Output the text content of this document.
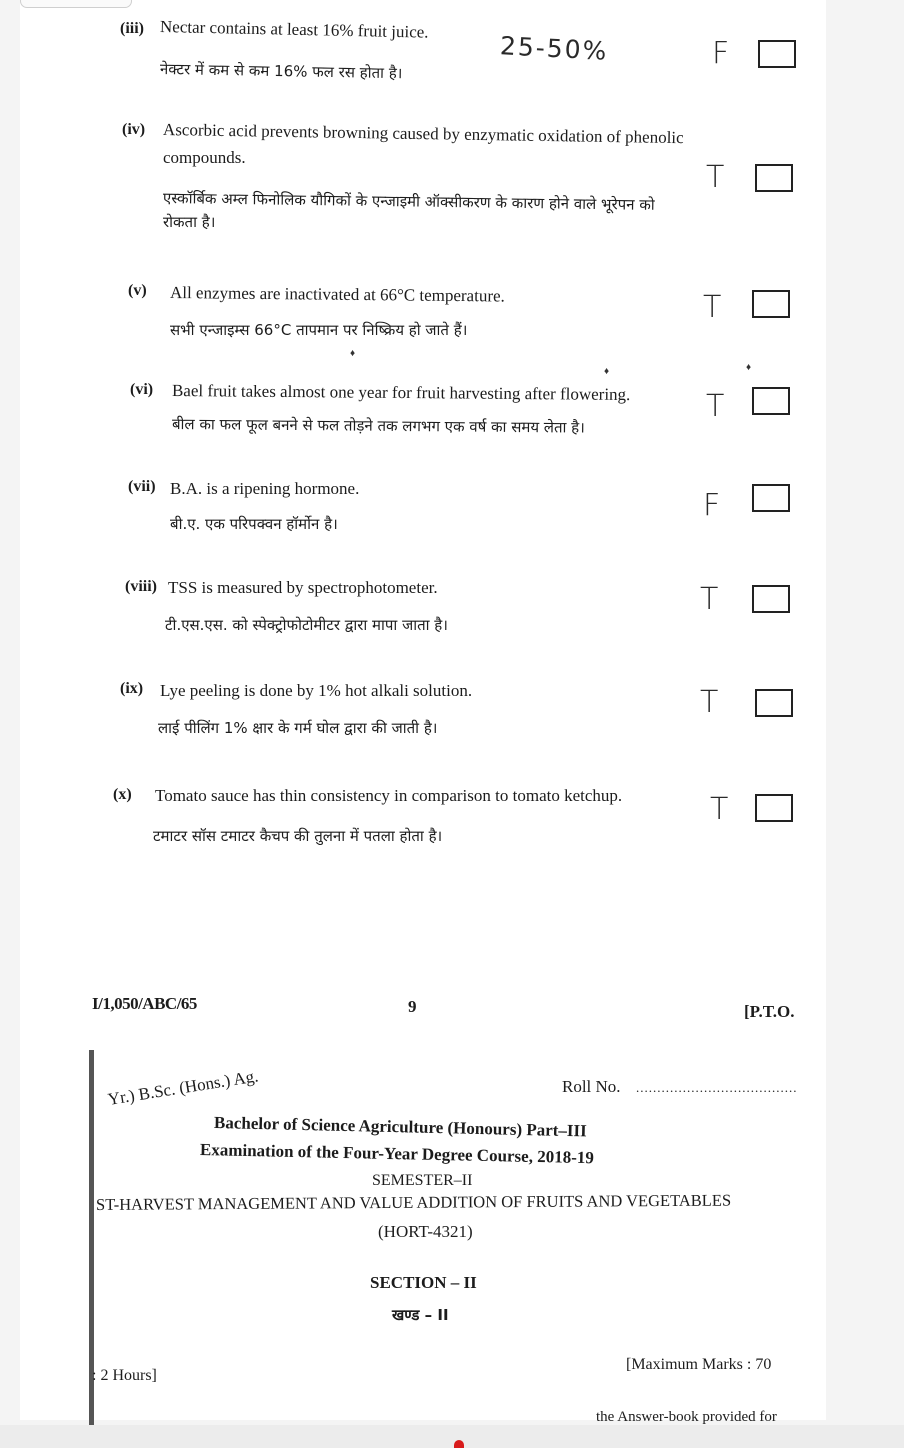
(iii) Nectar contains at least 16% fruit juice.
नेक्टर में कम से कम 16% फल रस होता है।
25-50%	F
(iv) Ascorbic acid prevents browning caused by enzymatic oxidation of phenolic
compounds.
एस्कॉर्बिक अम्ल फिनोलिक यौगिकों के एन्जाइमी ऑक्सीकरण के कारण होने वाले भूरेपन को
रोकता है।
T
(v) All enzymes are inactivated at 66°C temperature.
सभी एन्जाइम्स 66°C तापमान पर निष्क्रिय हो जाते हैं।
T
♦
(vi) Bael fruit takes almost one year for fruit harvesting after flowering.
बील का फल फूल बनने से फल तोड़ने तक लगभग एक वर्ष का समय लेता है।
T
♦	♦
(vii) B.A. is a ripening hormone.
बी.ए. एक परिपक्वन हॉर्मोन है।
F
(viii) TSS is measured by spectrophotometer.
टी.एस.एस. को स्पेक्ट्रोफोटोमीटर द्वारा मापा जाता है।
T
(ix) Lye peeling is done by 1% hot alkali solution.
लाई पीलिंग 1% क्षार के गर्म घोल द्वारा की जाती है।
T
(x) Tomato sauce has thin consistency in comparison to tomato ketchup.
टमाटर सॉस टमाटर कैचप की तुलना में पतला होता है।
T
I/1,050/ABC/65	9	[P.T.O.
Roll No. ......................................
Yr.) B.Sc. (Hons.) Ag.
Bachelor of Science Agriculture (Honours) Part–III
Examination of the Four-Year Degree Course, 2018-19
SEMESTER–II
ST-HARVEST MANAGEMENT AND VALUE ADDITION OF FRUITS AND VEGETABLES
(HORT-4321)
SECTION – II
खण्ड – II
: 2 Hours]
[Maximum Marks : 70
the Answer-book provided for
